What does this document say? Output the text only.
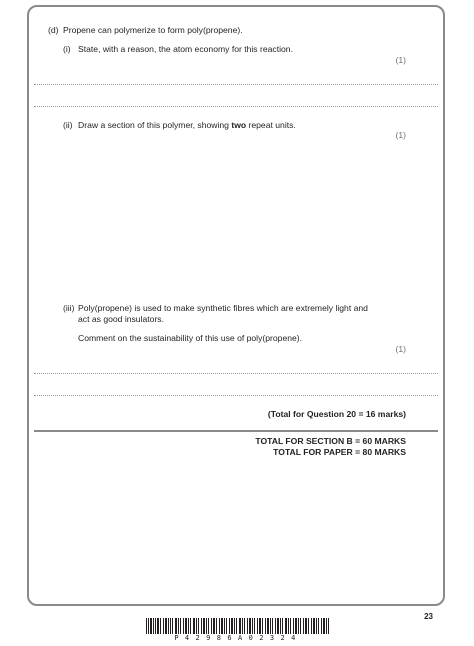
(d) Propene can polymerize to form poly(propene).
(i) State, with a reason, the atom economy for this reaction.
(1)
(ii) Draw a section of this polymer, showing two repeat units.
(1)
(iii) Poly(propene) is used to make synthetic fibres which are extremely light and
act as good insulators.
Comment on the sustainability of this use of poly(propene).
(1)
(Total for Question 20 = 16 marks)
TOTAL FOR SECTION B = 60 MARKS
TOTAL FOR PAPER = 80 MARKS
23
P42986A02324
